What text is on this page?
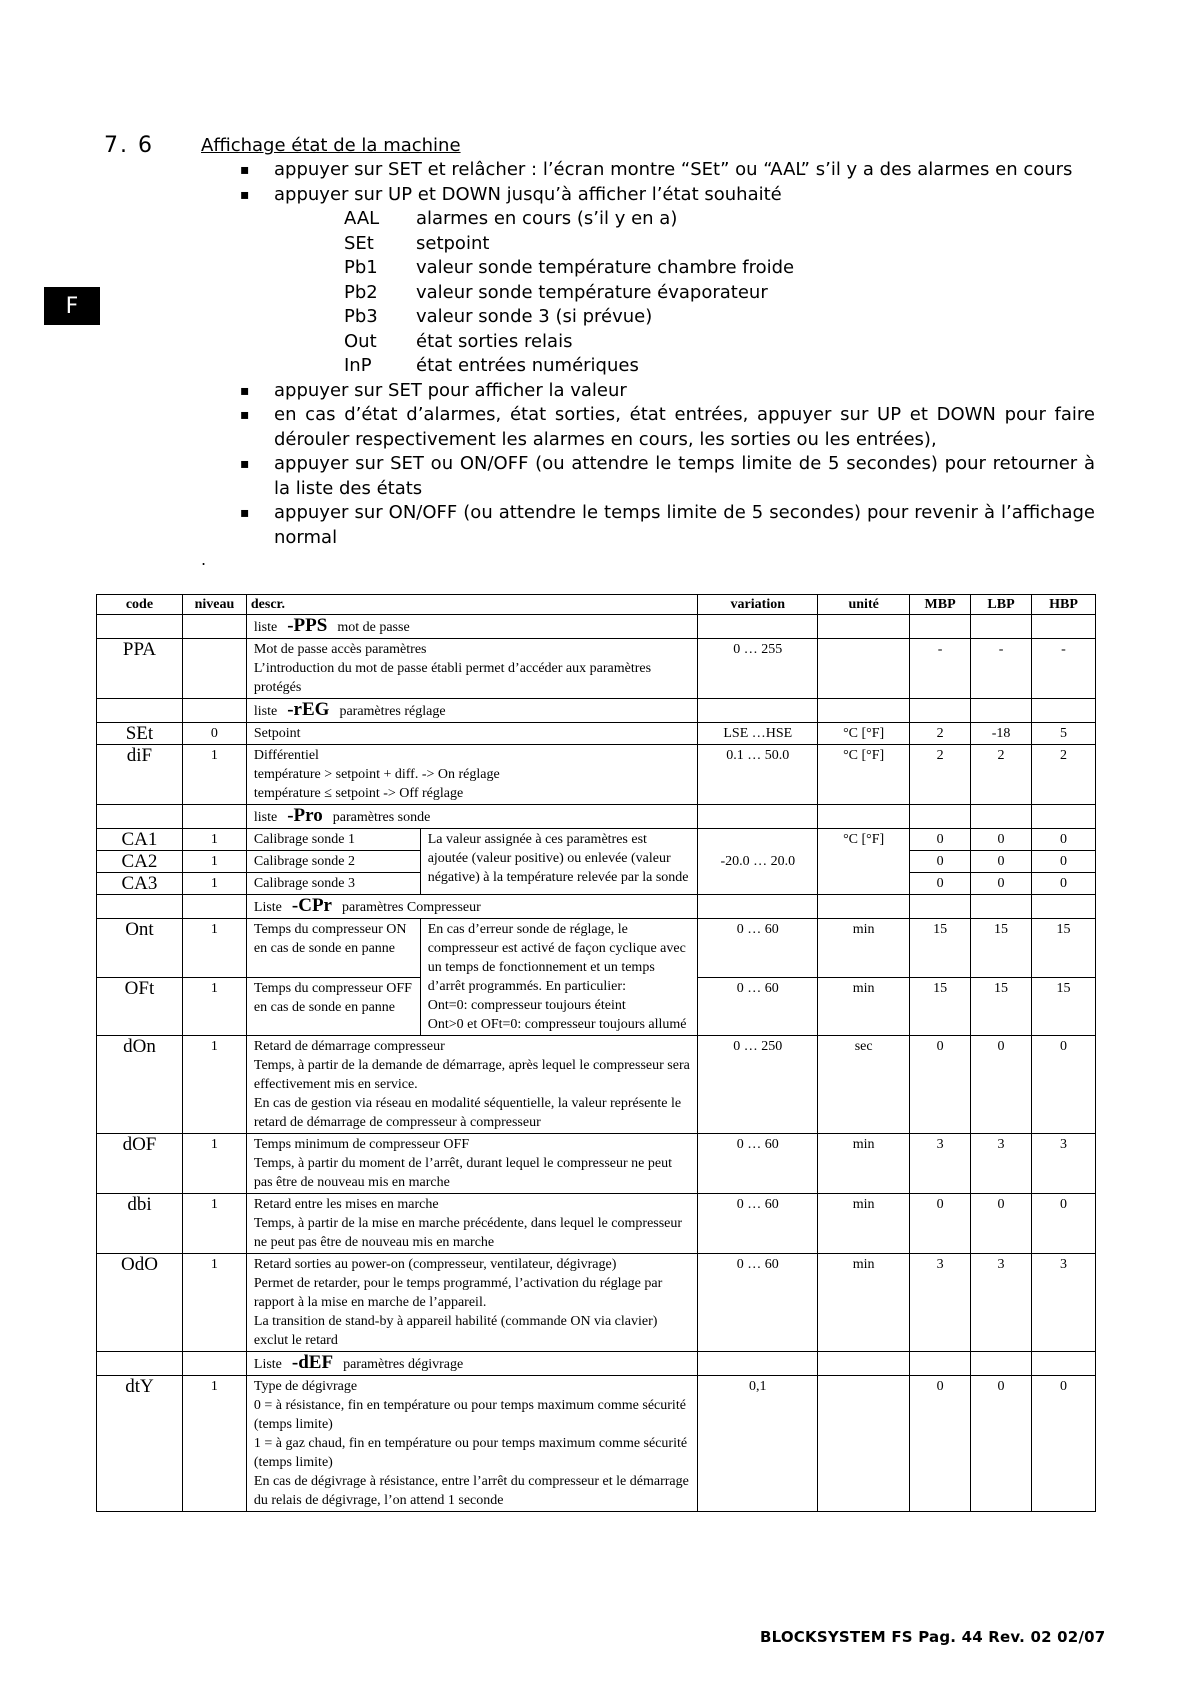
7. 6	Affichage état de la machine
F
▪ appuyer sur SET et relâcher : l’écran montre “SEt” ou “AAL” s’il y a des alarmes en cours
▪ appuyer sur UP et DOWN jusqu’à afficher l’état souhaité
AAL	alarmes en cours (s’il y en a)
SEt	setpoint
Pb1	valeur sonde température chambre froide
Pb2	valeur sonde température évaporateur
Pb3	valeur sonde 3 (si prévue)
Out	état sorties relais
InP	état entrées numériques
▪ appuyer sur SET pour afficher la valeur
▪ en cas d’état d’alarmes, état sorties, état entrées, appuyer sur UP et DOWN pour faire dérouler respectivement les alarmes en cours, les sorties ou les entrées),
▪ appuyer sur SET ou ON/OFF (ou attendre le temps limite de 5 secondes) pour retourner à la liste des états
▪ appuyer sur ON/OFF (ou attendre le temps limite de 5 secondes) pour revenir à l’affichage normal
.
code	niveau	descr.		variation	unité	MBP	LBP	HBP
		liste -PPS mot de passe						
PPA		Mot de passe accès paramètres
L’introduction du mot de passe établi permet d’accéder aux paramètres protégés		0 … 255		-	-	-
		liste -rEG paramètres réglage						
SEt	0	Setpoint		LSE …HSE	°C [°F]	2	-18	5
diF	1	Différentiel
température > setpoint + diff. -> On réglage
température ≤ setpoint -> Off réglage		0.1 … 50.0	°C [°F]	2	2	2
		liste -Pro paramètres sonde						
CA1	1	Calibrage sonde 1	La valeur assignée à ces paramètres est ajoutée (valeur positive) ou enlevée (valeur négative) à la température relevée par la sonde	-20.0 … 20.0	°C [°F]	0	0	0
CA2	1	Calibrage sonde 2				0	0	0
CA3	1	Calibrage sonde 3				0	0	0
		Liste -CPr paramètres Compresseur						
Ont	1	Temps du compresseur ON en cas de sonde en panne	En cas d’erreur sonde de réglage, le compresseur est activé de façon cyclique avec un temps de fonctionnement et un temps d’arrêt programmés. En particulier:
Ont=0: compresseur toujours éteint
Ont>0 et OFt=0: compresseur toujours allumé	0 … 60	min	15	15	15
OFt	1	Temps du compresseur OFF en cas de sonde en panne		0 … 60	min	15	15	15
dOn	1	Retard de démarrage compresseur
Temps, à partir de la demande de démarrage, après lequel le compresseur sera effectivement mis en service.
En cas de gestion via réseau en modalité séquentielle, la valeur représente le retard de démarrage de compresseur à compresseur		0 … 250	sec	0	0	0
dOF	1	Temps minimum de compresseur OFF
Temps, à partir du moment de l’arrêt, durant lequel le compresseur ne peut pas être de nouveau mis en marche		0 … 60	min	3	3	3
dbi	1	Retard entre les mises en marche
Temps, à partir de la mise en marche précédente, dans lequel le compresseur ne peut pas être de nouveau mis en marche		0 … 60	min	0	0	0
OdO	1	Retard sorties au power-on (compresseur, ventilateur, dégivrage)
Permet de retarder, pour le temps programmé, l’activation du réglage par rapport à la mise en marche de l’appareil.
La transition de stand-by à appareil habilité (commande ON via clavier) exclut le retard		0 … 60	min	3	3	3
		Liste -dEF paramètres dégivrage						
dtY	1	Type de dégivrage
0 = à résistance, fin en température ou pour temps maximum comme sécurité (temps limite)
1 = à gaz chaud, fin en température ou pour temps maximum comme sécurité (temps limite)
En cas de dégivrage à résistance, entre l’arrêt du compresseur et le démarrage du relais de dégivrage, l’on attend 1 seconde		0,1		0	0	0
BLOCKSYSTEM FS Pag. 44 Rev. 02 02/07
